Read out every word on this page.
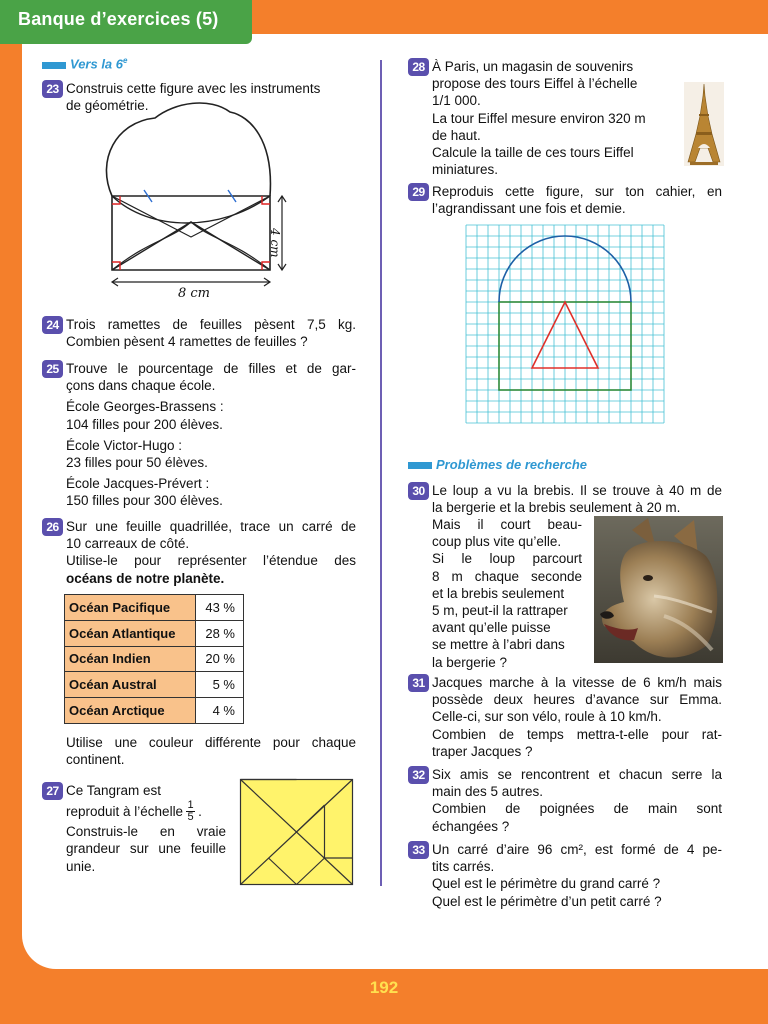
Banque d’exercices (5)
Vers la 6e
23 Construis cette figure avec les instruments
de géométrie.
8 cm
4 cm
24 Trois ramettes de feuilles pèsent 7,5 kg.
Combien pèsent 4 ramettes de feuilles ?
25 Trouve le pourcentage de filles et de gar-
çons dans chaque école.
École Georges-Brassens :
104 filles pour 200 élèves.
École Victor-Hugo :
23 filles pour 50 élèves.
École Jacques-Prévert :
150 filles pour 300 élèves.
26 Sur une feuille quadrillée, trace un carré de
10 carreaux de côté.
Utilise-le pour représenter l’étendue des
océans de notre planète.
Océan Pacifique	43 %
Océan Atlantique	28 %
Océan Indien	20 %
Océan Austral	5 %
Océan Arctique	4 %
Utilise une couleur différente pour chaque
continent.
27 Ce Tangram est
reproduit à l’échelle 1
5 .
Construis-le en vraie
grandeur sur une feuille
unie.
28 À Paris, un magasin de souvenirs
propose des tours Eiffel à l’échelle
1/1 000.
La tour Eiffel mesure environ 320 m
de haut.
Calcule la taille de ces tours Eiffel
miniatures.
29 Reproduis cette figure, sur ton cahier, en
l’agrandissant une fois et demie.
Problèmes de recherche
30 Le loup a vu la brebis. Il se trouve à 40 m de
la bergerie et la brebis seulement à 20 m.
Mais il court beau-
coup plus vite qu’elle.
Si le loup parcourt
8 m chaque seconde
et la brebis seulement
5 m, peut-il la rattraper
avant qu’elle puisse
se mettre à l’abri dans
la bergerie ?
31 Jacques marche à la vitesse de 6 km/h mais
possède deux heures d’avance sur Emma.
Celle-ci, sur son vélo, roule à 10 km/h.
Combien de temps mettra-t-elle pour rat-
traper Jacques ?
32 Six amis se rencontrent et chacun serre la
main des 5 autres.
Combien de poignées de main sont
échangées ?
33 Un carré d’aire 96 cm², est formé de 4 pe-
tits carrés.
Quel est le périmètre du grand carré ?
Quel est le périmètre d’un petit carré ?
192
